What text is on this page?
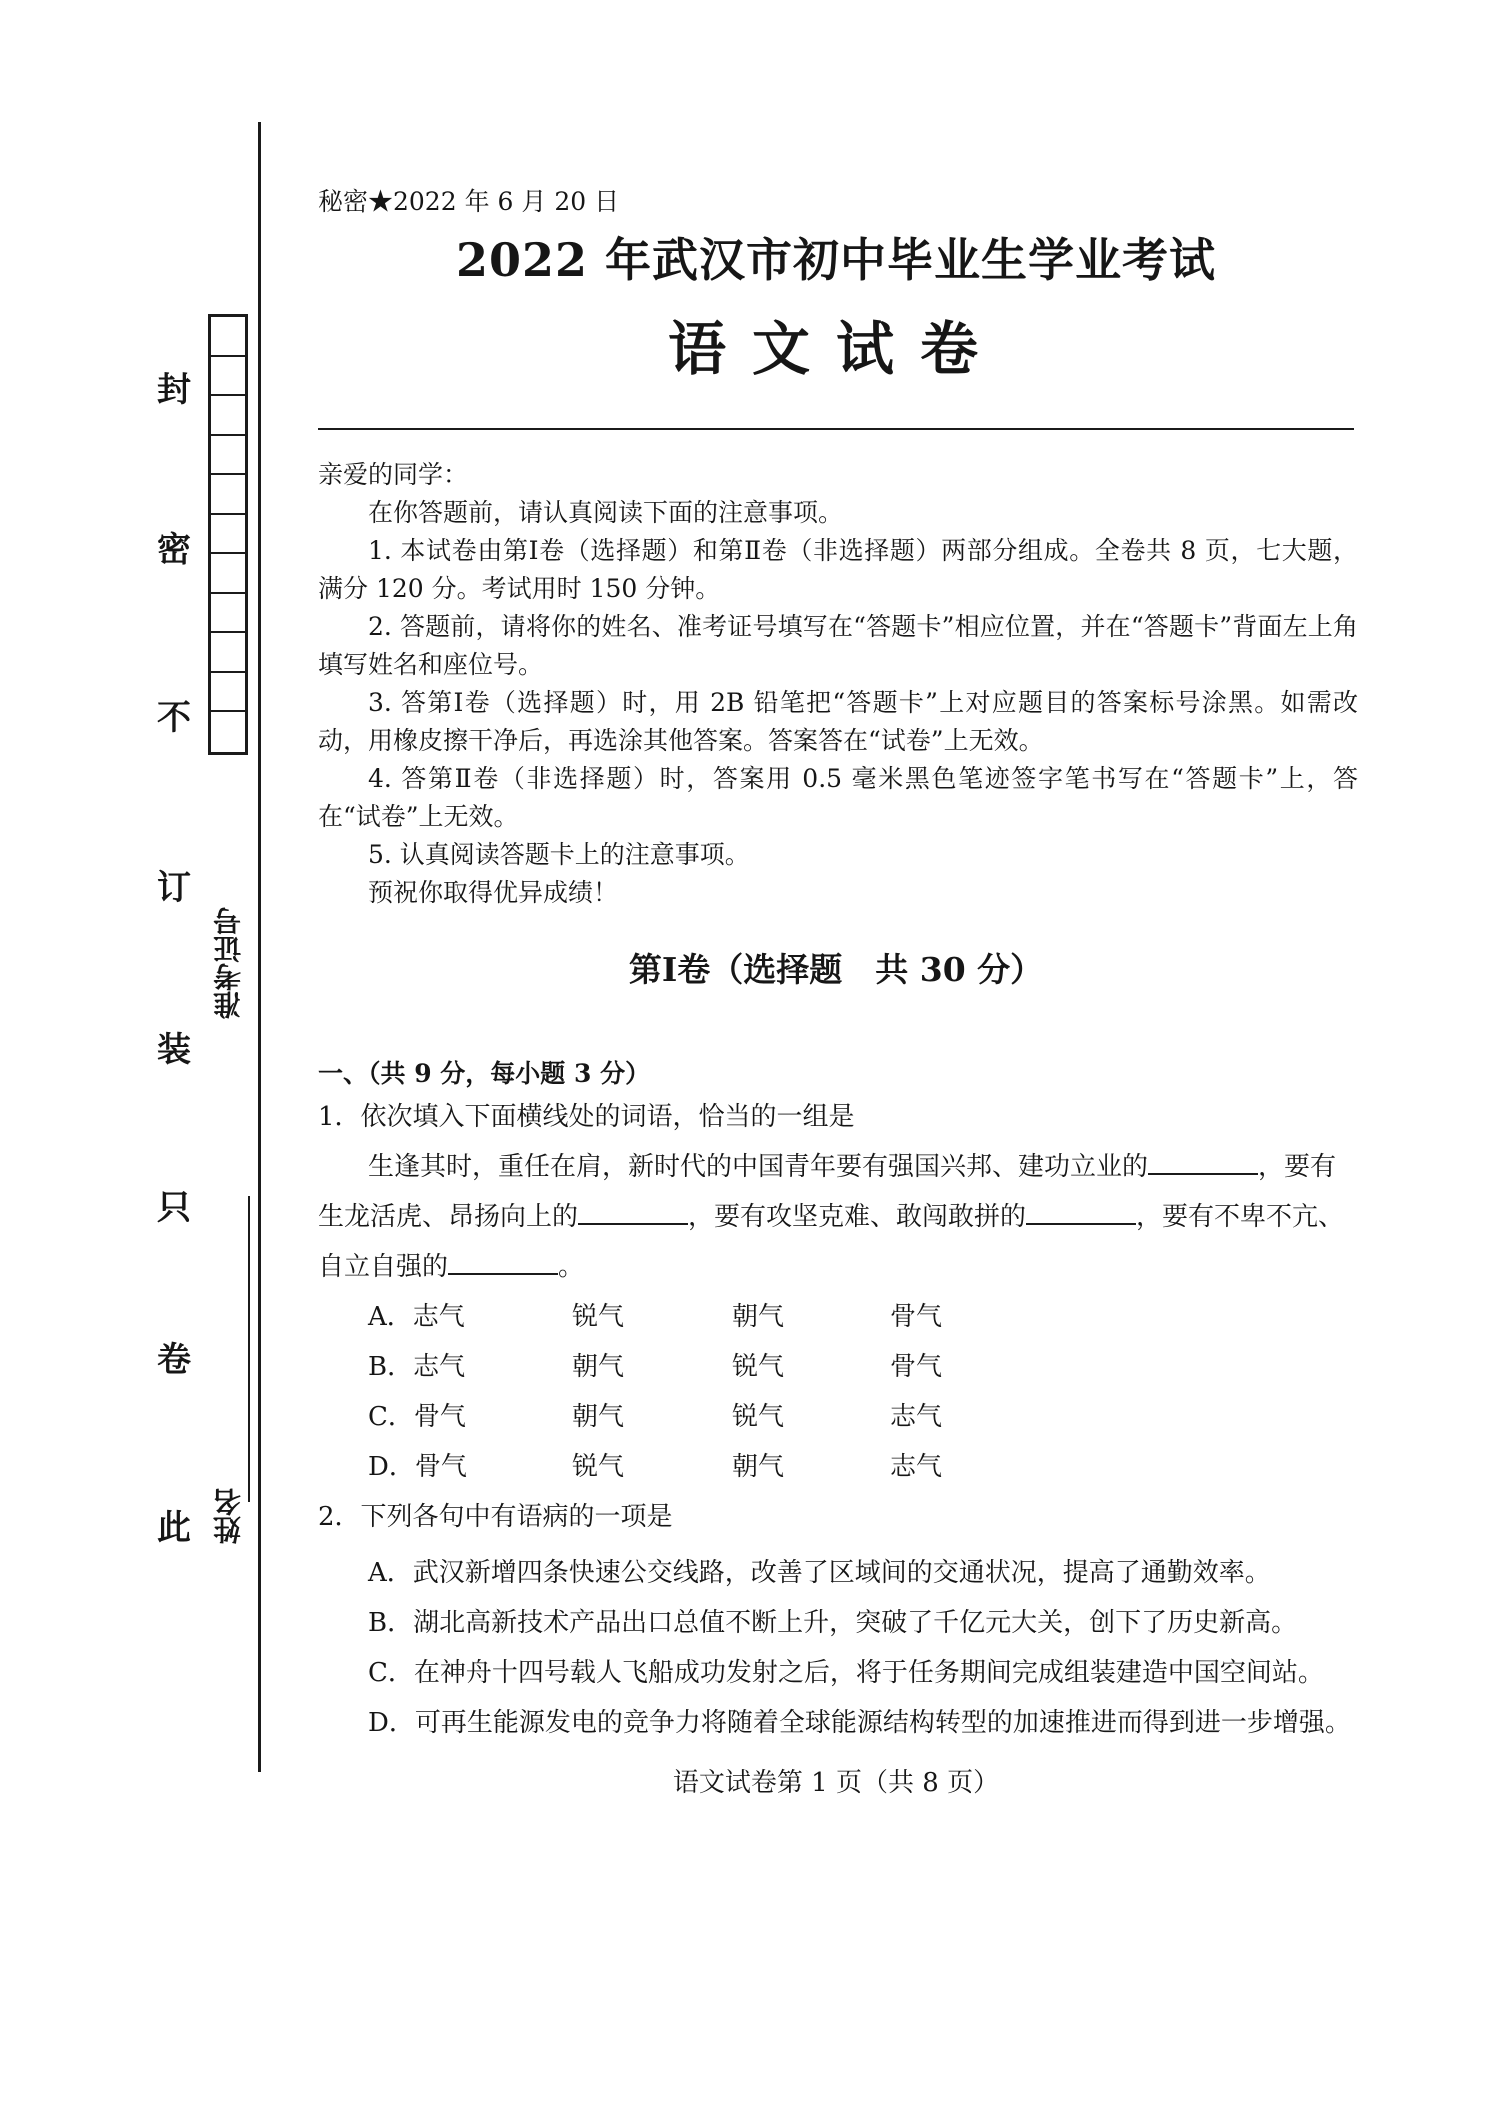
封
密
不
订
装
只
卷
此
准考证号
姓名
秘密★2022 年 6 月 20 日
2022 年武汉市初中毕业生学业考试
语文试卷
亲爱的同学：
在你答题前，请认真阅读下面的注意事项。
1. 本试卷由第Ⅰ卷（选择题）和第Ⅱ卷（非选择题）两部分组成。全卷共 8 页，七大题，满分 120 分。考试用时 150 分钟。
2. 答题前，请将你的姓名、准考证号填写在“答题卡”相应位置，并在“答题卡”背面左上角填写姓名和座位号。
3. 答第Ⅰ卷（选择题）时，用 2B 铅笔把“答题卡”上对应题目的答案标号涂黑。如需改动，用橡皮擦干净后，再选涂其他答案。答案答在“试卷”上无效。
4. 答第Ⅱ卷（非选择题）时，答案用 0.5 毫米黑色笔迹签字笔书写在“答题卡”上，答在“试卷”上无效。
5. 认真阅读答题卡上的注意事项。
预祝你取得优异成绩！
第Ⅰ卷（选择题　共 30 分）
一、（共 9 分，每小题 3 分）
1．依次填入下面横线处的词语，恰当的一组是
生逢其时，重任在肩，新时代的中国青年要有强国兴邦、建功立业的	，要有
生龙活虎、昂扬向上的	，要有攻坚克难、敢闯敢拼的	，要有不卑不亢、
自立自强的	。
A．志气	锐气	朝气	骨气
B．志气	朝气	锐气	骨气
C．骨气	朝气	锐气	志气
D．骨气	锐气	朝气	志气
2．下列各句中有语病的一项是
A．武汉新增四条快速公交线路，改善了区域间的交通状况，提高了通勤效率。
B．湖北高新技术产品出口总值不断上升，突破了千亿元大关，创下了历史新高。
C．在神舟十四号载人飞船成功发射之后，将于任务期间完成组装建造中国空间站。
D．可再生能源发电的竞争力将随着全球能源结构转型的加速推进而得到进一步增强。
语文试卷第 1 页（共 8 页）
